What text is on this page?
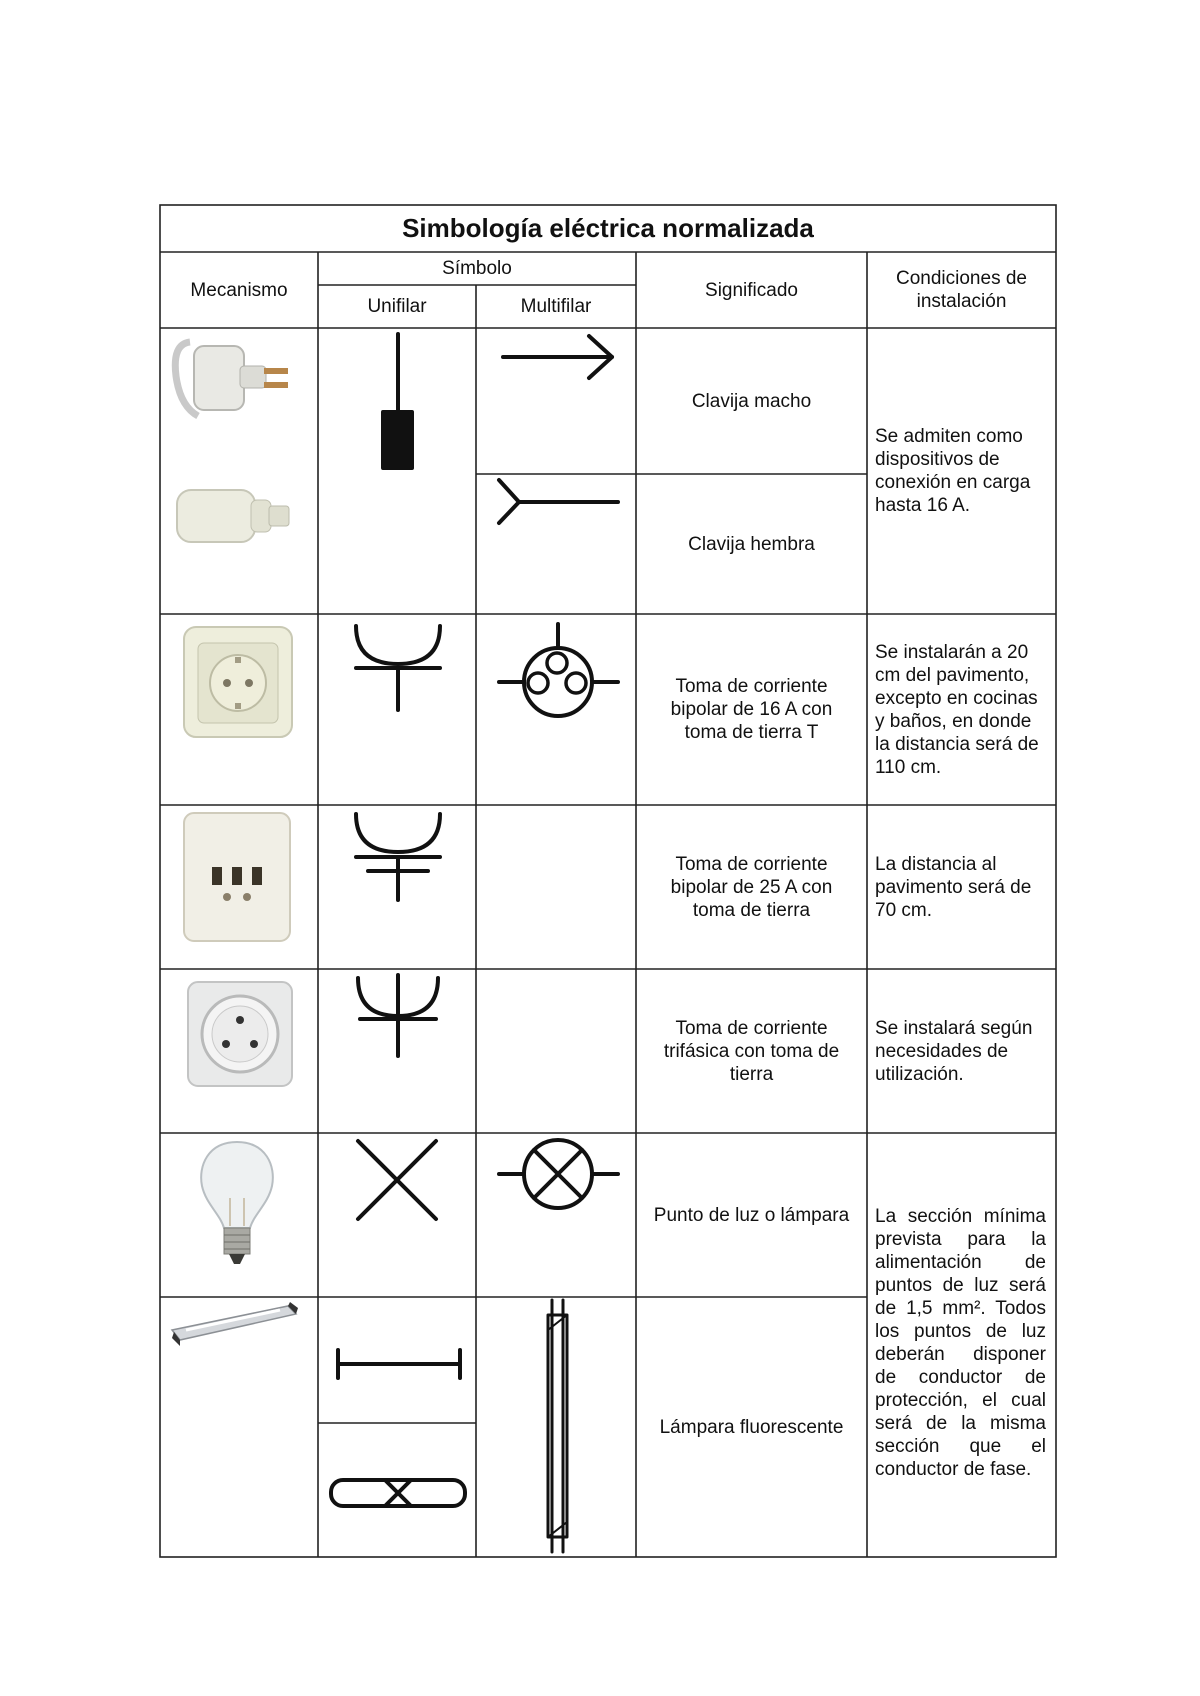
Simbología eléctrica normalizada
Mecanismo
Símbolo
Unifilar	Multifilar
Significado
Condiciones de instalación
Clavija macho
Clavija hembra
Toma de corriente bipolar de 16 A con toma de tierra T
Toma de corriente bipolar de 25 A con toma de tierra
Toma de corriente trifásica con toma de tierra
Punto de luz o lámpara
Lámpara fluorescente
Se admiten como dispositivos de conexión en carga hasta 16 A.
Se instalarán a 20 cm del pavimento, excepto en cocinas y baños, en donde la distancia será de 110 cm.
La distancia al pavimento será de 70 cm.
Se instalará según necesidades de utilización.
La sección mínima prevista para la alimentación de puntos de luz será de 1,5 mm². Todos los puntos de luz deberán disponer de conductor de protección, el cual será de la misma sección que el conductor de fase.
